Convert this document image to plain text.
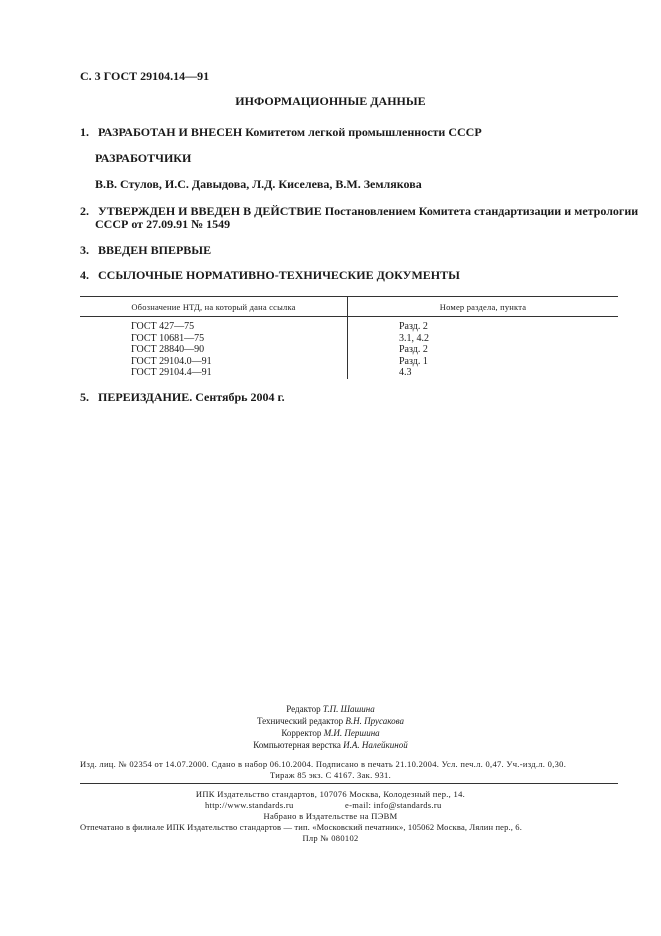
С. 3 ГОСТ 29104.14—91
ИНФОРМАЦИОННЫЕ ДАННЫЕ
1. РАЗРАБОТАН И ВНЕСЕН Комитетом легкой промышленности СССР
РАЗРАБОТЧИКИ
В.В. Стулов, И.С. Давыдова, Л.Д. Киселева, В.М. Землякова
2. УТВЕРЖДЕН И ВВЕДЕН В ДЕЙСТВИЕ Постановлением Комитета стандартизации и метрологии
СССР от 27.09.91 № 1549
3. ВВЕДЕН ВПЕРВЫЕ
4. ССЫЛОЧНЫЕ НОРМАТИВНО-ТЕХНИЧЕСКИЕ ДОКУМЕНТЫ
Обозначение НТД, на который дана ссылка	Номер раздела, пункта
ГОСТ 427—75	Разд. 2
ГОСТ 10681—75	3.1, 4.2
ГОСТ 28840—90	Разд. 2
ГОСТ 29104.0—91	Разд. 1
ГОСТ 29104.4—91	4.3
5. ПЕРЕИЗДАНИЕ. Сентябрь 2004 г.
Редактор Т.П. Шашина
Технический редактор В.Н. Прусакова
Корректор М.И. Першина
Компьютерная верстка И.А. Налейкиной
Изд. лиц. № 02354 от 14.07.2000. Сдано в набор 06.10.2004. Подписано в печать 21.10.2004. Усл. печ.л. 0,47. Уч.-изд.л. 0,30.
Тираж 85 экз. С 4167. Зак. 931.
ИПК Издательство стандартов, 107076 Москва, Колодезный пер., 14.
http://www.standards.ru	e-mail: info@standards.ru
Набрано в Издательстве на ПЭВМ
Отпечатано в филиале ИПК Издательство стандартов — тип. «Московский печатник», 105062 Москва, Лялин пер., 6.
Плр № 080102
